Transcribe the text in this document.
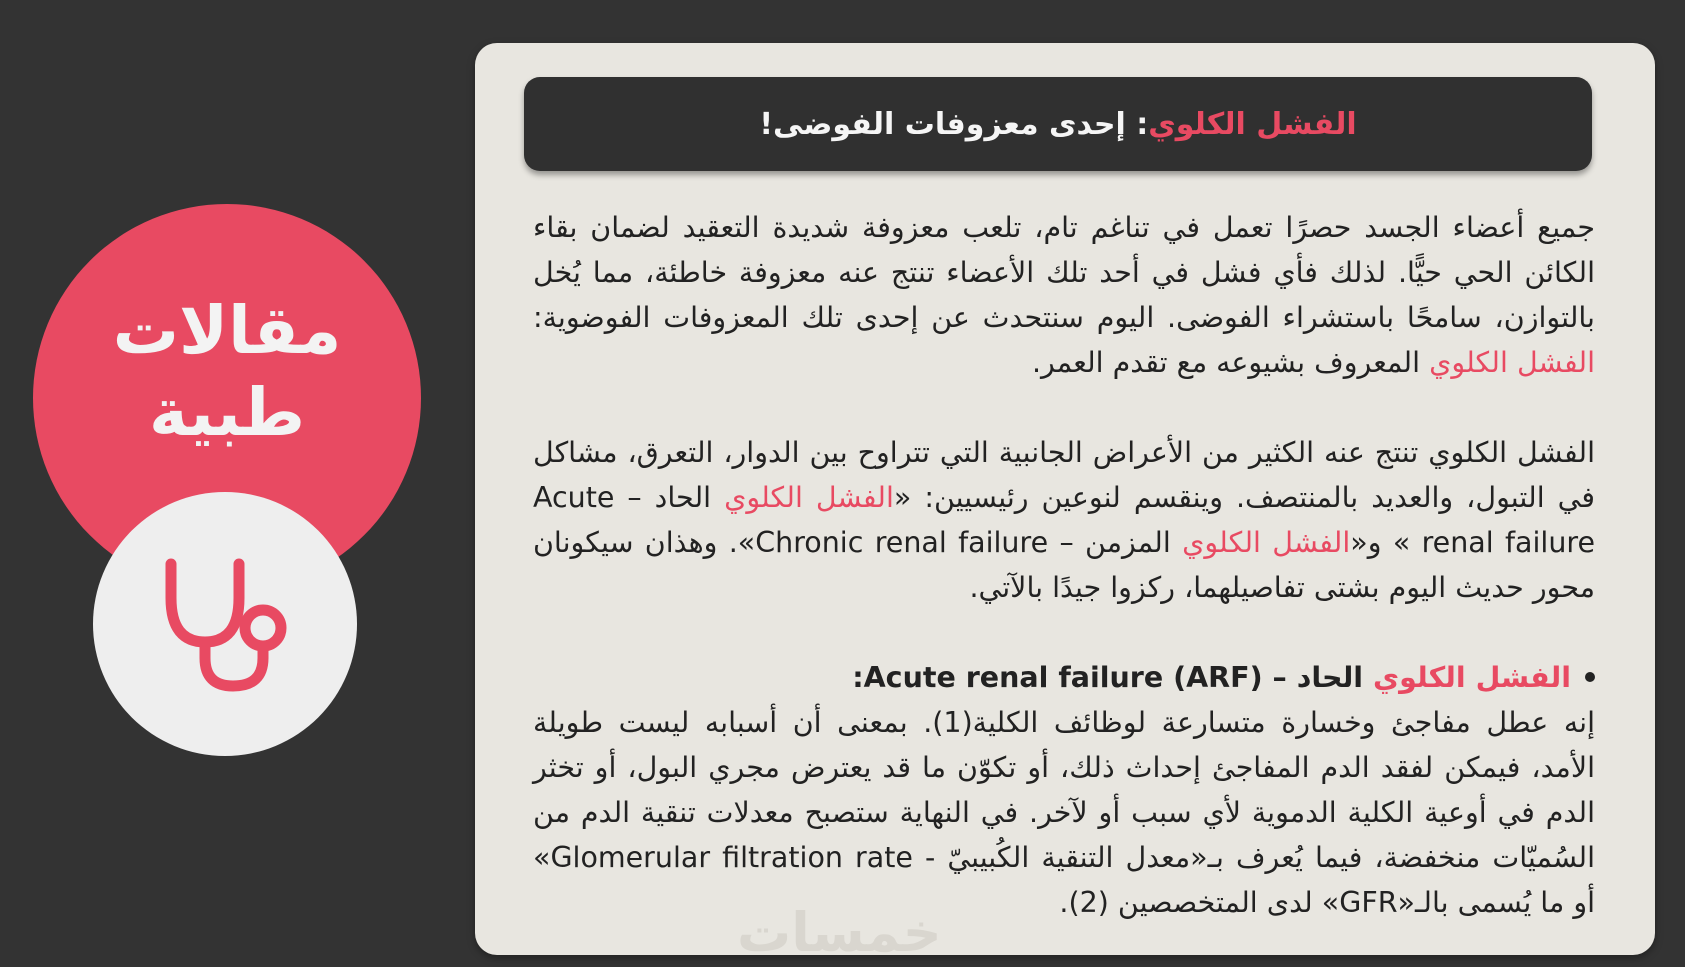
مقالات
طبية
الفشل الكلوي
: إحدى معزوفات الفوضى!

جميع أعضاء الجسد حصرًا تعمل في تناغم تام، تلعب معزوفة شديدة التعقيد لضمان بقاء الكائن الحي حيًّا. لذلك فأي فشل في أحد تلك الأعضاء تنتج عنه معزوفة خاطئة، مما يُخل بالتوازن، سامحًا باستشراء الفوضى. اليوم سنتحدث عن إحدى تلك المعزوفات الفوضوية: الفشل الكلوي المعروف بشيوعه مع تقدم العمر.

الفشل الكلوي تنتج عنه الكثير من الأعراض الجانبية التي تتراوح بين الدوار، التعرق، مشاكل في التبول، والعديد بالمنتصف. وينقسم لنوعين رئيسيين: «الفشل الكلوي الحاد – Acute renal failure » و«الفشل الكلوي المزمن – Chronic renal failure». وهذان سيكونان محور حديث اليوم بشتى تفاصيلهما، ركزوا جيدًا بالآتي.

الفشل الكلوي الحاد – Acute renal failure (ARF):

إنه عطل مفاجئ وخسارة متسارعة لوظائف الكلية(1). بمعنى أن أسبابه ليست طويلة الأمد، فيمكن لفقد الدم المفاجئ إحداث ذلك، أو تكوّن ما قد يعترض مجري البول، أو تخثر الدم في أوعية الكلية الدموية لأي سبب أو لآخر. في النهاية ستصبح معدلات تنقية الدم من السُميّات منخفضة، فيما يُعرف بـ«معدل التنقية الكُبيبيّ - Glomerular filtration rate» أو ما يُسمى بالـ«GFR» لدى المتخصصين (2).

خمسات
